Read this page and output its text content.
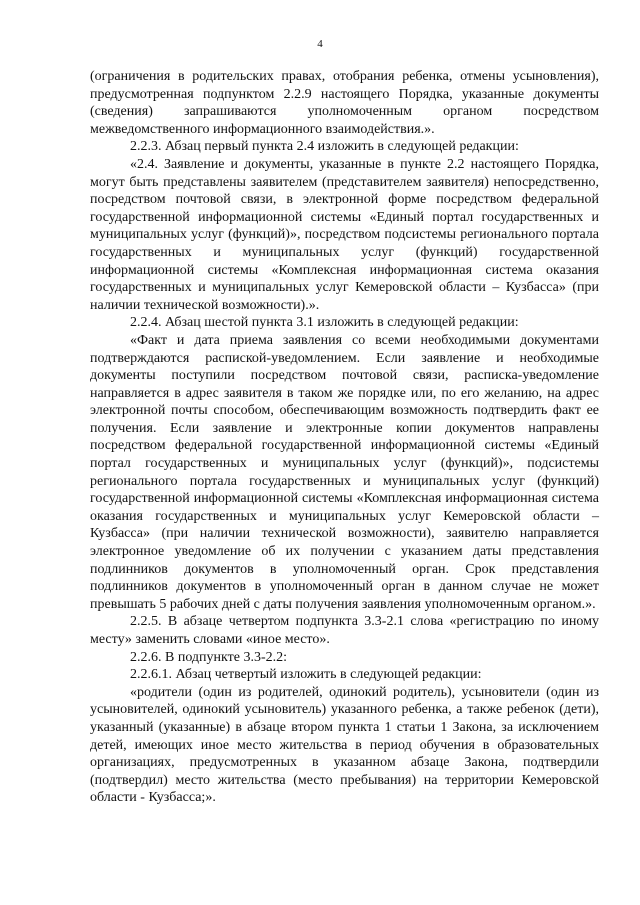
4

(ограничения в родительских правах, отобрания ребенка, отмены усыновления), предусмотренная подпунктом 2.2.9 настоящего Порядка, указанные документы (сведения) запрашиваются уполномоченным органом посредством межведомственного информационного взаимодействия.».

2.2.3. Абзац первый пункта 2.4 изложить в следующей редакции:

«2.4. Заявление и документы, указанные в пункте 2.2 настоящего Порядка, могут быть представлены заявителем (представителем заявителя) непосредственно, посредством почтовой связи, в электронной форме посредством федеральной государственной информационной системы «Единый портал государственных и муниципальных услуг (функций)», посредством подсистемы регионального портала государственных и муниципальных услуг (функций) государственной информационной системы «Комплексная информационная система оказания государственных и муниципальных услуг Кемеровской области – Кузбасса» (при наличии технической возможности).».

2.2.4. Абзац шестой пункта 3.1 изложить в следующей редакции:

«Факт и дата приема заявления со всеми необходимыми документами подтверждаются распиской-уведомлением. Если заявление и необходимые документы поступили посредством почтовой связи, расписка-уведомление направляется в адрес заявителя в таком же порядке или, по его желанию, на адрес электронной почты способом, обеспечивающим возможность подтвердить факт ее получения. Если заявление и электронные копии документов направлены посредством федеральной государственной информационной системы «Единый портал государственных и муниципальных услуг (функций)», подсистемы регионального портала государственных и муниципальных услуг (функций) государственной информационной системы «Комплексная информационная система оказания государственных и муниципальных услуг Кемеровской области – Кузбасса» (при наличии технической возможности), заявителю направляется электронное уведомление об их получении с указанием даты представления подлинников документов в уполномоченный орган. Срок представления подлинников документов в уполномоченный орган в данном случае не может превышать 5 рабочих дней с даты получения заявления уполномоченным органом.».

2.2.5. В абзаце четвертом подпункта 3.3-2.1 слова «регистрацию по иному месту» заменить словами «иное место».

2.2.6. В подпункте 3.3-2.2:

2.2.6.1. Абзац четвертый изложить в следующей редакции:

«родители (один из родителей, одинокий родитель), усыновители (один из усыновителей, одинокий усыновитель) указанного ребенка, а также ребенок (дети), указанный (указанные) в абзаце втором пункта 1 статьи 1 Закона, за исключением детей, имеющих иное место жительства в период обучения в образовательных организациях, предусмотренных в указанном абзаце Закона, подтвердили (подтвердил) место жительства (место пребывания) на территории Кемеровской области - Кузбасса;».
